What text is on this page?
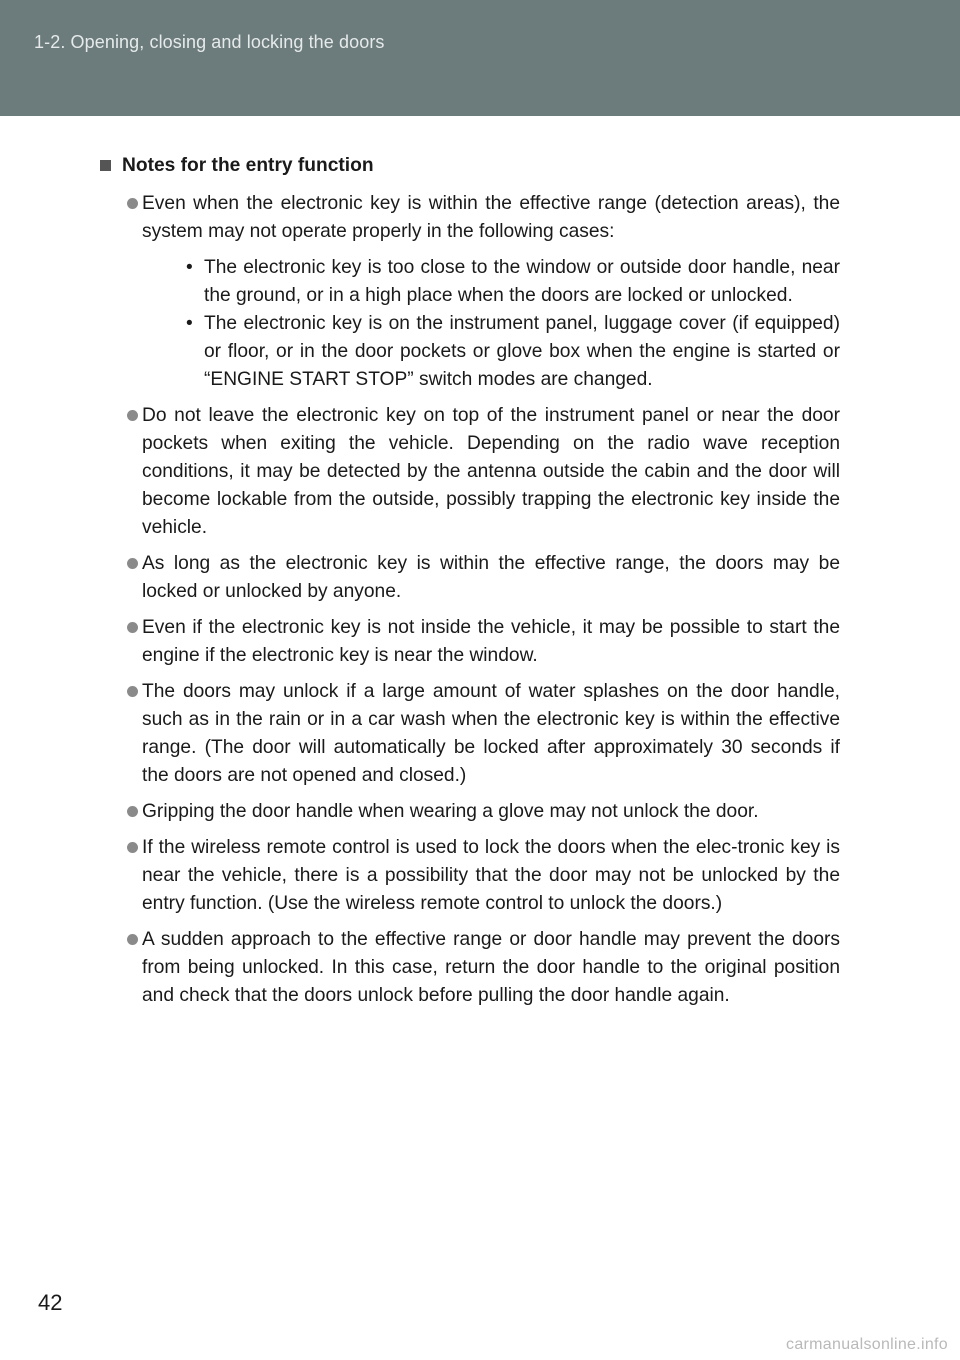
1-2. Opening, closing and locking the doors
Notes for the entry function
Even when the electronic key is within the effective range (detection areas), the system may not operate properly in the following cases:
• The electronic key is too close to the window or outside door handle, near the ground, or in a high place when the doors are locked or unlocked.
• The electronic key is on the instrument panel, luggage cover (if equipped) or floor, or in the door pockets or glove box when the engine is started or “ENGINE START STOP” switch modes are changed.
Do not leave the electronic key on top of the instrument panel or near the door pockets when exiting the vehicle. Depending on the radio wave reception conditions, it may be detected by the antenna outside the cabin and the door will become lockable from the outside, possibly trapping the electronic key inside the vehicle.
As long as the electronic key is within the effective range, the doors may be locked or unlocked by anyone.
Even if the electronic key is not inside the vehicle, it may be possible to start the engine if the electronic key is near the window.
The doors may unlock if a large amount of water splashes on the door handle, such as in the rain or in a car wash when the electronic key is within the effective range. (The door will automatically be locked after approximately 30 seconds if the doors are not opened and closed.)
Gripping the door handle when wearing a glove may not unlock the door.
If the wireless remote control is used to lock the doors when the elec-tronic key is near the vehicle, there is a possibility that the door may not be unlocked by the entry function. (Use the wireless remote control to unlock the doors.)
A sudden approach to the effective range or door handle may prevent the doors from being unlocked. In this case, return the door handle to the original position and check that the doors unlock before pulling the door handle again.
42
carmanualsonline.info
